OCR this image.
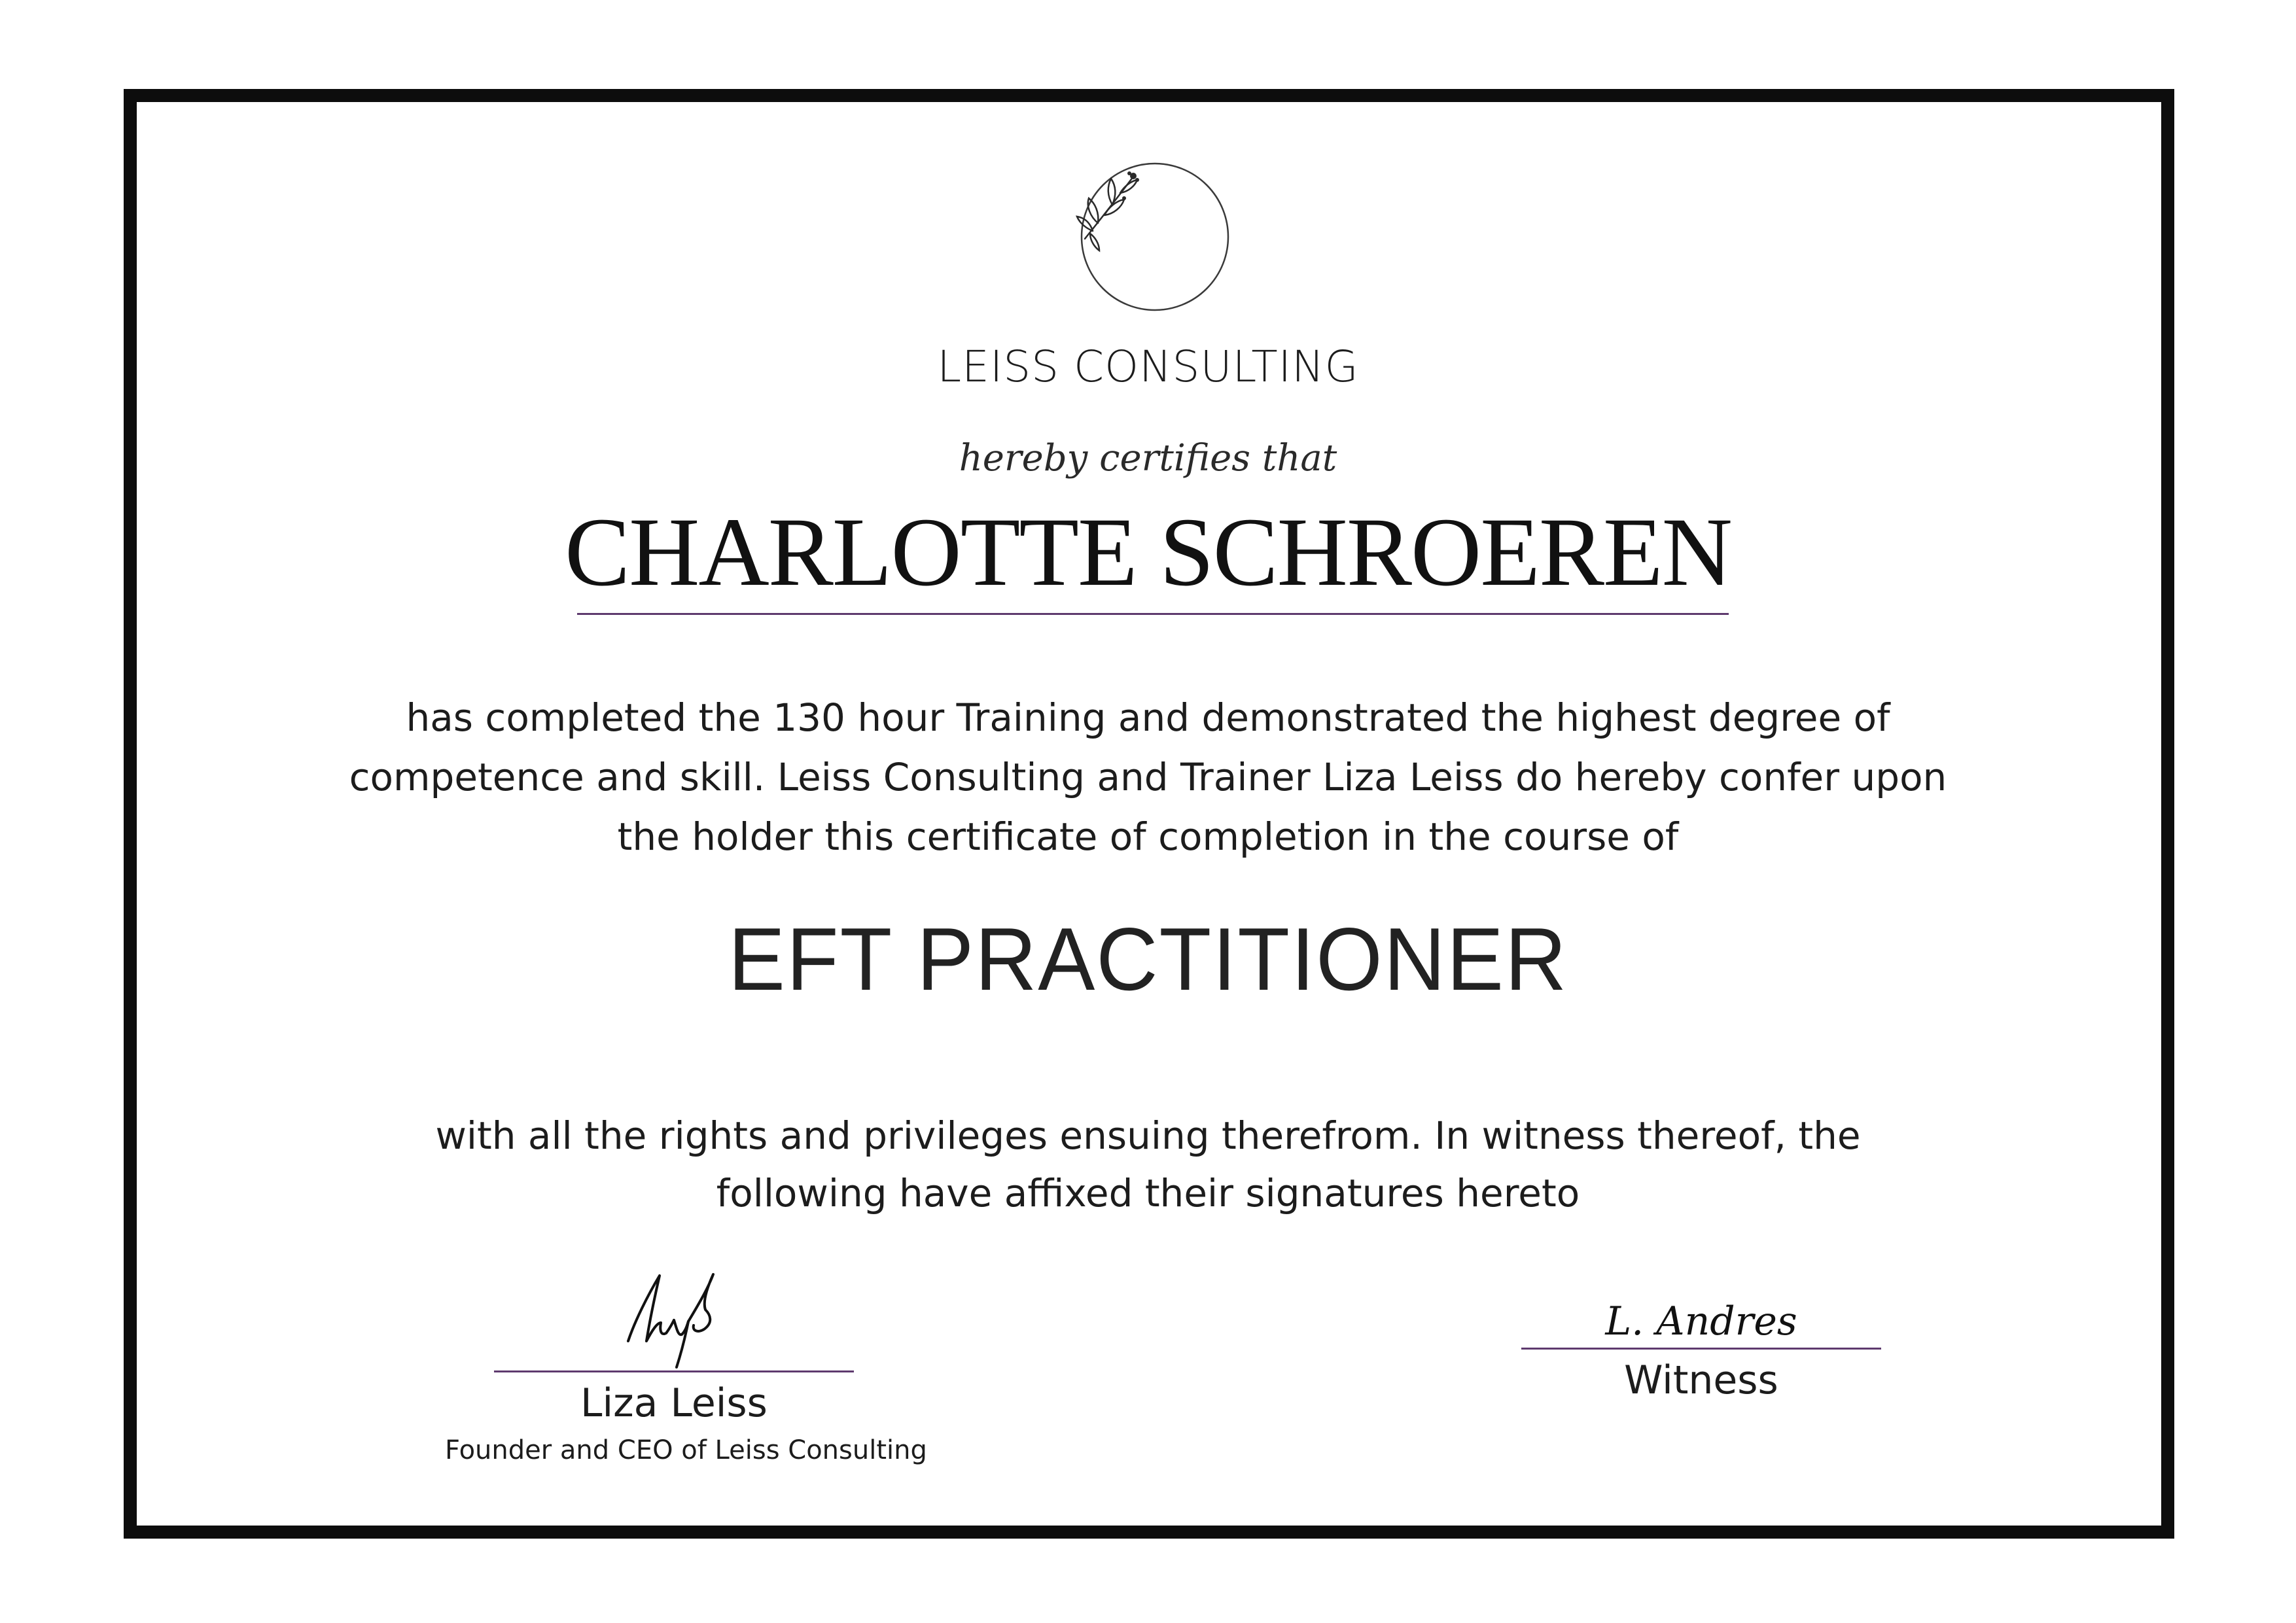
LEISS CONSULTING
hereby certifies that
CHARLOTTE SCHROEREN
has completed the 130 hour Training and demonstrated the highest degree of
competence and skill. Leiss Consulting and Trainer Liza Leiss do hereby confer upon
the holder this certificate of completion in the course of
EFT PRACTITIONER
with all the rights and privileges ensuing therefrom. In witness thereof, the
following have affixed their signatures hereto
Liza Leiss
Founder and CEO of Leiss Consulting
L. Andres
Witness
